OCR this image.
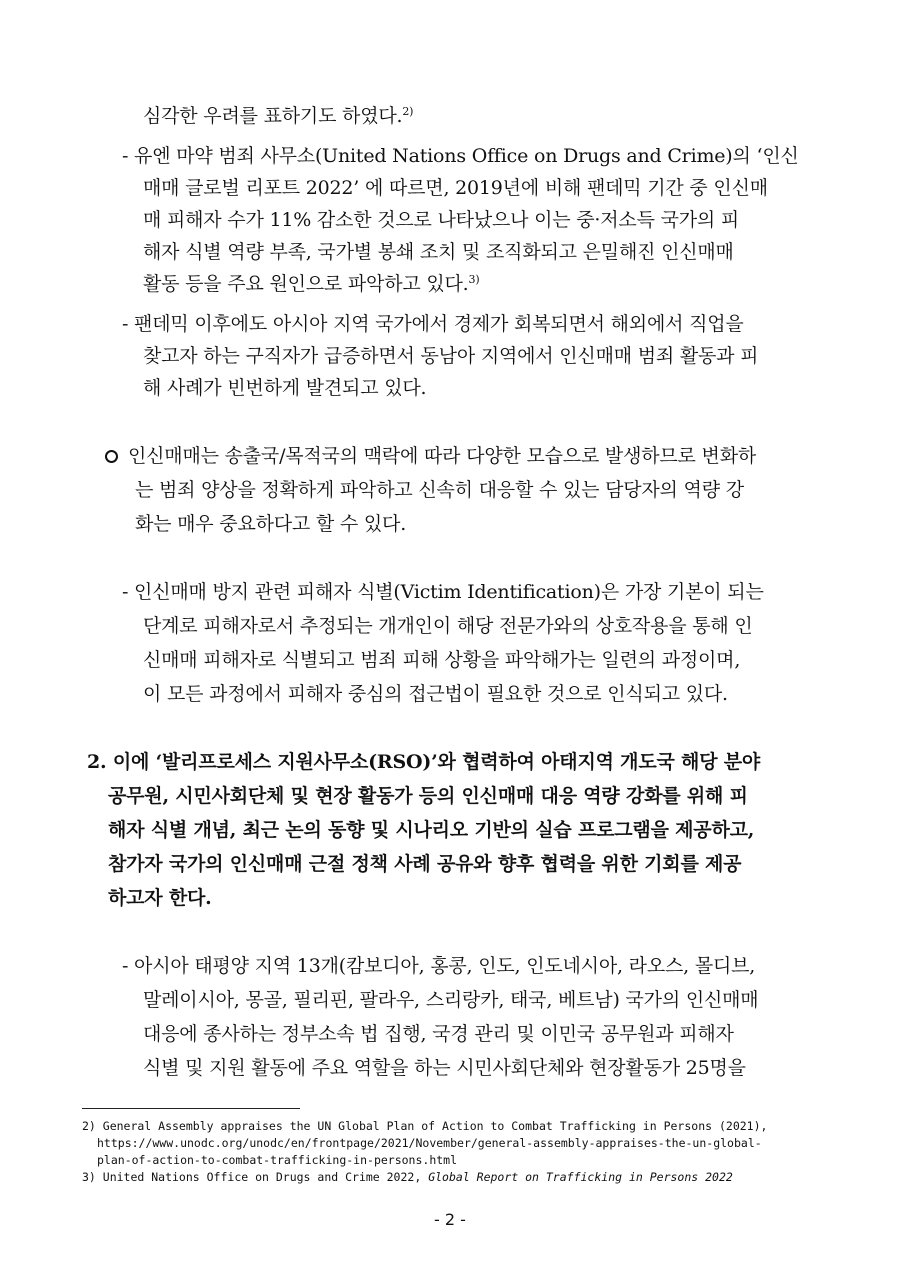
심각한 우려를 표하기도 하였다.$^{2)}$
- 유엔 마약 범죄 사무소(United Nations Office on Drugs and Crime)의 ‘인신
매매 글로벌 리포트 2022’ 에 따르면, 2019년에 비해 팬데믹 기간 중 인신매
매 피해자 수가 11% 감소한 것으로 나타났으나 이는 중·저소득 국가의 피
해자 식별 역량 부족, 국가별 봉쇄 조치 및 조직화되고 은밀해진 인신매매
활동 등을 주요 원인으로 파악하고 있다.$^{3)}$
- 팬데믹 이후에도 아시아 지역 국가에서 경제가 회복되면서 해외에서 직업을
찾고자 하는 구직자가 급증하면서 동남아 지역에서 인신매매 범죄 활동과 피
해 사례가 빈번하게 발견되고 있다.
인신매매는 송출국/목적국의 맥락에 따라 다양한 모습으로 발생하므로 변화하
는 범죄 양상을 정확하게 파악하고 신속히 대응할 수 있는 담당자의 역량 강
화는 매우 중요하다고 할 수 있다.
- 인신매매 방지 관련 피해자 식별(Victim Identification)은 가장 기본이 되는
단계로 피해자로서 추정되는 개개인이 해당 전문가와의 상호작용을 통해 인
신매매 피해자로 식별되고 범죄 피해 상황을 파악해가는 일련의 과정이며,
이 모든 과정에서 피해자 중심의 접근법이 필요한 것으로 인식되고 있다.
2. 이에 ‘발리프로세스 지원사무소(RSO)’와 협력하여 아태지역 개도국 해당 분야
공무원, 시민사회단체 및 현장 활동가 등의 인신매매 대응 역량 강화를 위해 피
해자 식별 개념, 최근 논의 동향 및 시나리오 기반의 실습 프로그램을 제공하고,
참가자 국가의 인신매매 근절 정책 사례 공유와 향후 협력을 위한 기회를 제공
하고자 한다.
- 아시아 태평양 지역 13개(캄보디아, 홍콩, 인도, 인도네시아, 라오스, 몰디브,
말레이시아, 몽골, 필리핀, 팔라우, 스리랑카, 태국, 베트남) 국가의 인신매매
대응에 종사하는 정부소속 법 집행, 국경 관리 및 이민국 공무원과 피해자
식별 및 지원 활동에 주요 역할을 하는 시민사회단체와 현장활동가 25명을
2) General Assembly appraises the UN Global Plan of Action to Combat Trafficking in Persons (2021),
https://www.unodc.org/unodc/en/frontpage/2021/November/general-assembly-appraises-the-un-global-
plan-of-action-to-combat-trafficking-in-persons.html
3) United Nations Office on Drugs and Crime 2022, Global Report on Trafficking in Persons 2022
- 2 -
